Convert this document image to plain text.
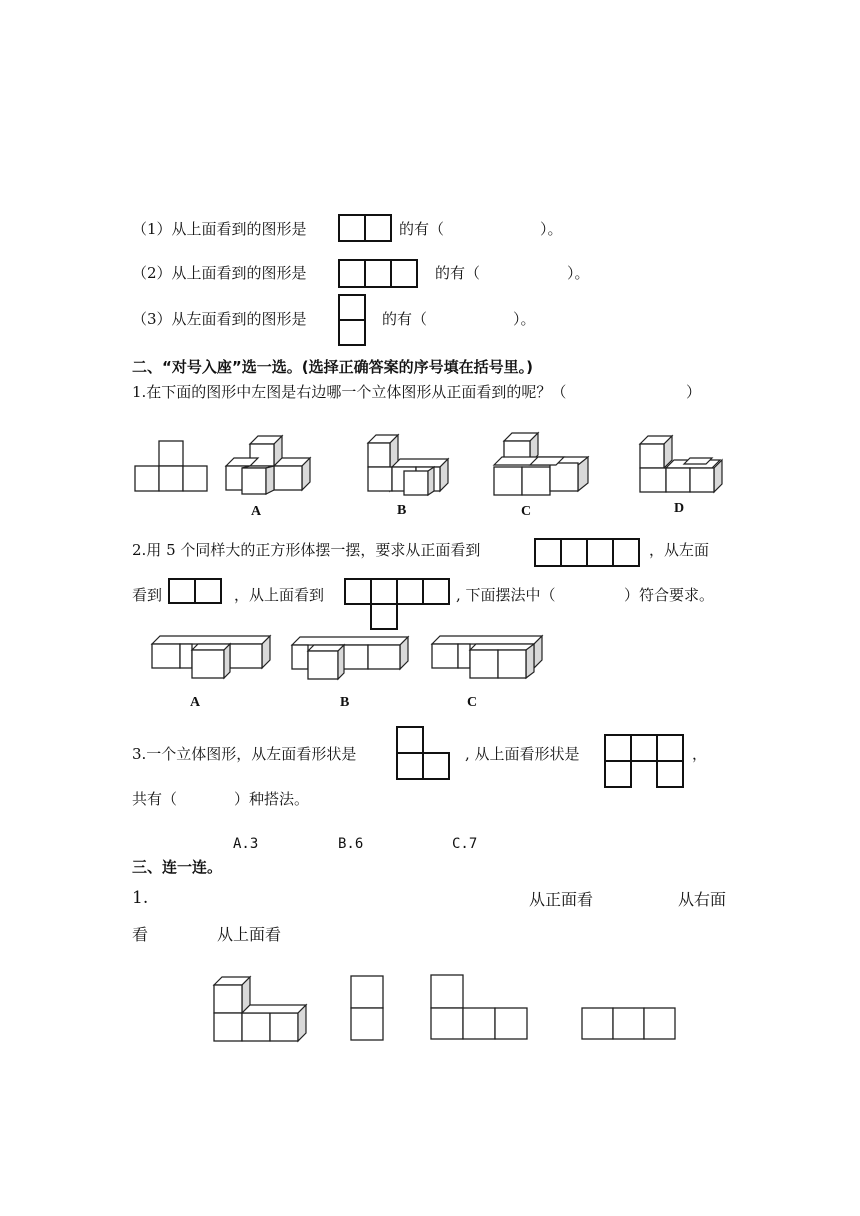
（1）从上面看到的图形是	的有（	）。
（2）从上面看到的图形是	的有（	）。
（3）从左面看到的图形是	的有（	）。
二、“对号入座”选一选。(选择正确答案的序号填在括号里。)
1.在下面的图形中左图是右边哪一个立体图形从正面看到的呢？（	）
A	B	C	D
2.用 5 个同样大的正方形体摆一摆，要求从正面看到	，从左面
看到	，从上面看到	, 下面摆法中（	）符合要求。
A	B	C
3.一个立体图形，从左面看形状是	, 从上面看形状是	，
共有（	）种搭法。
A.3	B.6	C.7
三、连一连。
1.	从正面看	从右面
看	从上面看
